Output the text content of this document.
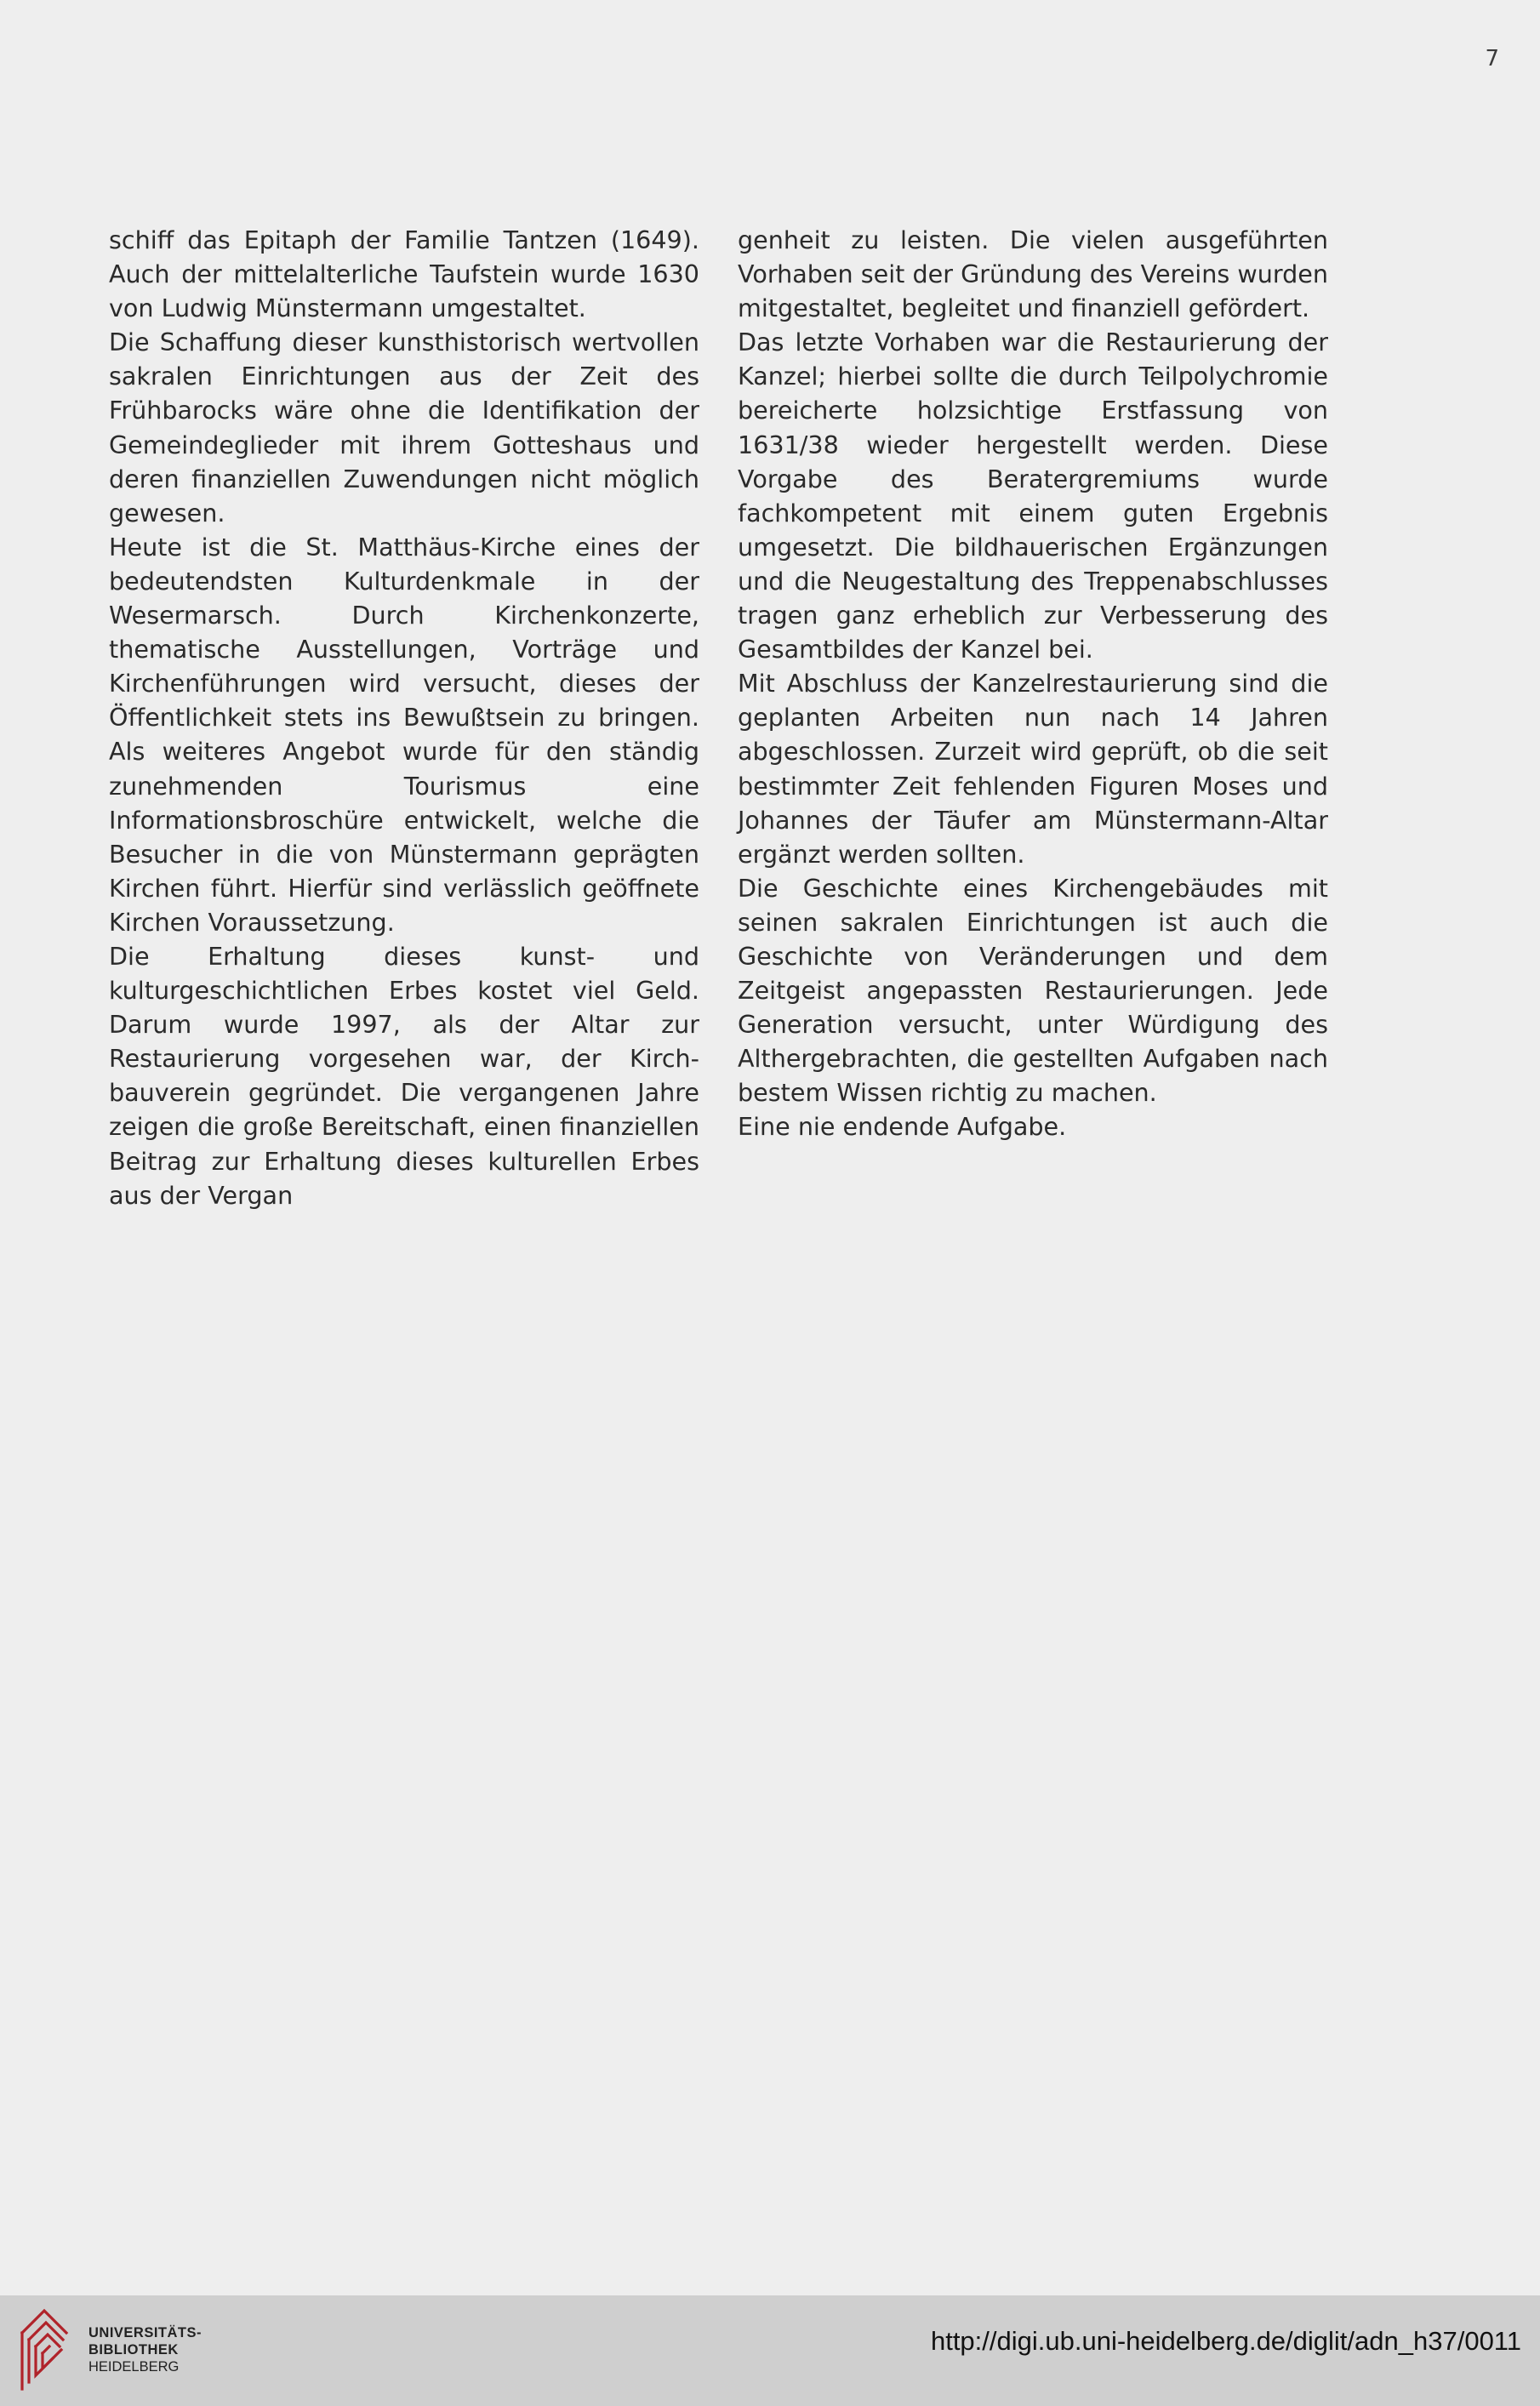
7

schiff das Epitaph der Familie Tantzen (1649). Auch der mittelalterliche Taufstein wurde 1630 von Ludwig Münstermann umgestaltet.

Die Schaffung dieser kunsthistorisch wertvollen sakralen Einrichtungen aus der Zeit des Frühbarocks wäre ohne die Identifikation der Gemeindeglieder mit ihrem Gotteshaus und deren finanziellen Zuwendungen nicht möglich gewesen.

Heute ist die St. Matthäus-Kirche eines der bedeutendsten Kulturdenkmale in der Wesermarsch. Durch Kirchenkonzerte, thematische Ausstellungen, Vorträge und Kirchenführungen wird versucht, dieses der Öffentlichkeit stets ins Bewußtsein zu bringen. Als weiteres Angebot wurde für den ständig zunehmenden Tourismus eine Informationsbroschüre entwickelt, welche die Besucher in die von Münstermann geprägten Kirchen führt. Hierfür sind verlässlich geöffnete Kirchen Voraussetzung.

Die Erhaltung dieses kunst- und kulturgeschichtlichen Erbes kostet viel Geld. Darum wurde 1997, als der Altar zur Restaurierung vorgesehen war, der Kirchbauverein gegründet. Die vergangenen Jahre zeigen die große Bereitschaft, einen finanziellen Beitrag zur Erhaltung dieses kulturellen Erbes aus der Vergan

genheit zu leisten. Die vielen ausgeführten Vorhaben seit der Gründung des Vereins wurden mitgestaltet, begleitet und finanziell gefördert.

Das letzte Vorhaben war die Restaurierung der Kanzel; hierbei sollte die durch Teilpolychromie bereicherte holzsichtige Erstfassung von 1631/38 wieder hergestellt werden. Diese Vorgabe des Beratergremiums wurde fachkompetent mit einem guten Ergebnis umgesetzt. Die bildhauerischen Ergänzungen und die Neugestaltung des Treppenabschlusses tragen ganz erheblich zur Verbesserung des Gesamtbildes der Kanzel bei.

Mit Abschluss der Kanzelrestaurierung sind die geplanten Arbeiten nun nach 14 Jahren abgeschlossen. Zurzeit wird geprüft, ob die seit bestimmter Zeit fehlenden Figuren Moses und Johannes der Täufer am Münstermann-Altar ergänzt werden sollten.

Die Geschichte eines Kirchengebäudes mit seinen sakralen Einrichtungen ist auch die Geschichte von Veränderungen und dem Zeitgeist angepassten Restaurierungen. Jede Generation versucht, unter Würdigung des Althergebrachten, die gestellten Aufgaben nach bestem Wissen richtig zu machen.

Eine nie endende Aufgabe.

UNIVERSITÄTS-
BIBLIOTHEK
HEIDELBERG
http://digi.ub.uni-heidelberg.de/diglit/adn_h37/0011
